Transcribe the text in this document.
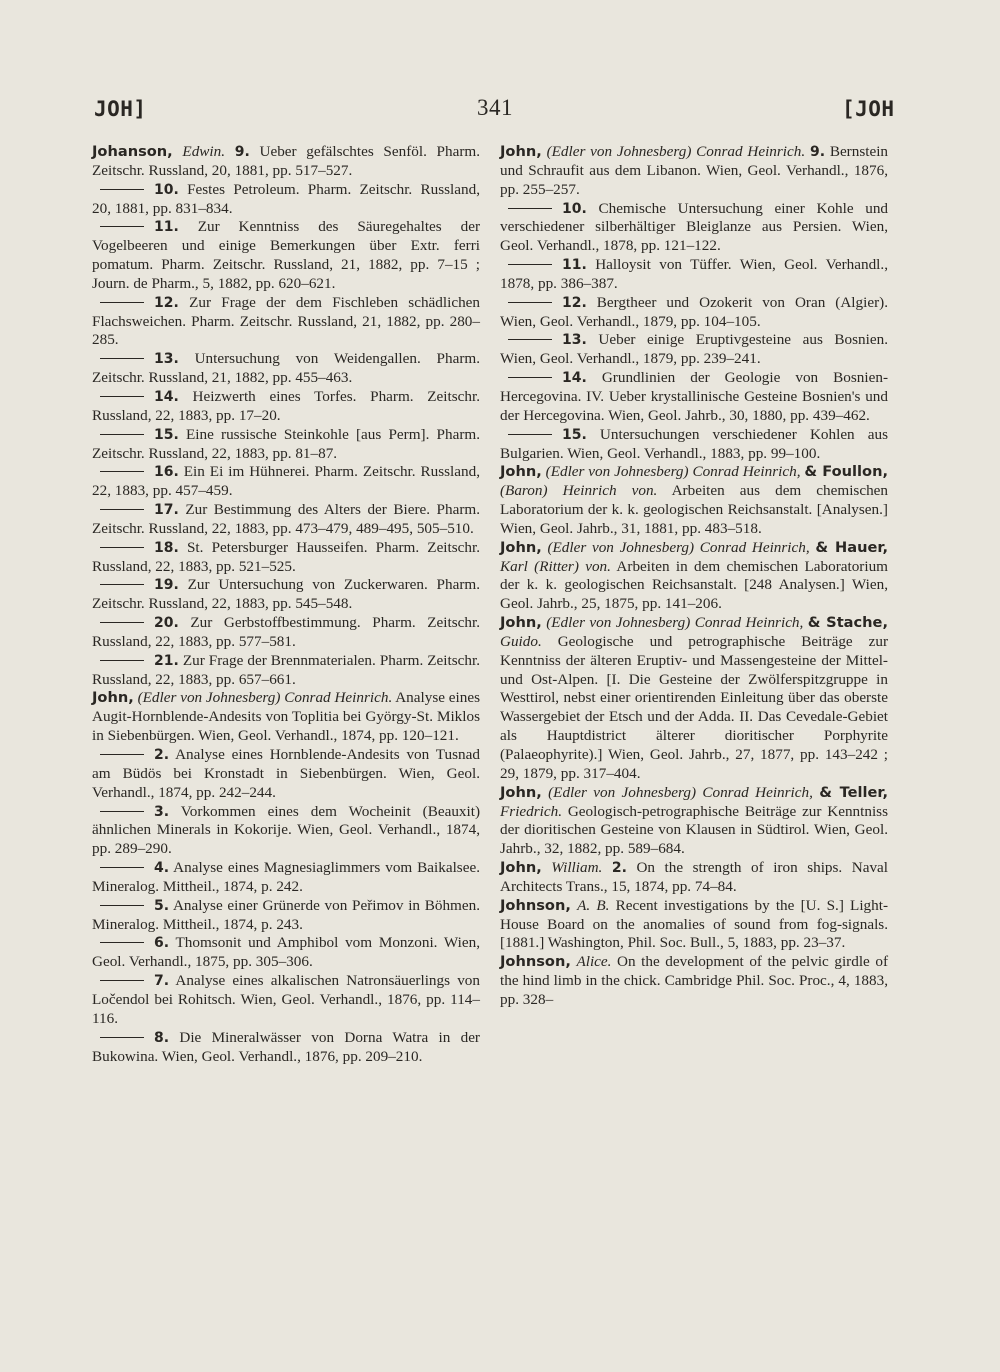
JOH]	341	[JOH

Johanson, Edwin. 9. Ueber gefälschtes Senföl. Pharm. Zeitschr. Russland, 20, 1881, pp. 517–527.

10. Festes Petroleum. Pharm. Zeitschr. Russland, 20, 1881, pp. 831–834.

11. Zur Kenntniss des Säuregehaltes der Vogelbeeren und einige Bemerkungen über Extr. ferri pomatum. Pharm. Zeitschr. Russland, 21, 1882, pp. 7–15 ; Journ. de Pharm., 5, 1882, pp. 620–621.

12. Zur Frage der dem Fischleben schädlichen Flachsweichen. Pharm. Zeitschr. Russland, 21, 1882, pp. 280–285.

13. Untersuchung von Weidengallen. Pharm. Zeitschr. Russland, 21, 1882, pp. 455–463.

14. Heizwerth eines Torfes. Pharm. Zeitschr. Russland, 22, 1883, pp. 17–20.

15. Eine russische Steinkohle [aus Perm]. Pharm. Zeitschr. Russland, 22, 1883, pp. 81–87.

16. Ein Ei im Hühnerei. Pharm. Zeitschr. Russland, 22, 1883, pp. 457–459.

17. Zur Bestimmung des Alters der Biere. Pharm. Zeitschr. Russland, 22, 1883, pp. 473–479, 489–495, 505–510.

18. St. Petersburger Hausseifen. Pharm. Zeitschr. Russland, 22, 1883, pp. 521–525.

19. Zur Untersuchung von Zuckerwaren. Pharm. Zeitschr. Russland, 22, 1883, pp. 545–548.

20. Zur Gerbstoffbestimmung. Pharm. Zeitschr. Russland, 22, 1883, pp. 577–581.

21. Zur Frage der Brennmaterialen. Pharm. Zeitschr. Russland, 22, 1883, pp. 657–661.

John, (Edler von Johnesberg) Conrad Heinrich. Analyse eines Augit-Hornblende-Andesits von Toplitia bei György-St. Miklos in Siebenbürgen. Wien, Geol. Verhandl., 1874, pp. 120–121.

2. Analyse eines Hornblende-Andesits von Tusnad am Büdös bei Kronstadt in Siebenbürgen. Wien, Geol. Verhandl., 1874, pp. 242–244.

3. Vorkommen eines dem Wocheinit (Beauxit) ähnlichen Minerals in Kokorije. Wien, Geol. Verhandl., 1874, pp. 289–290.

4. Analyse eines Magnesiaglimmers vom Baikalsee. Mineralog. Mittheil., 1874, p. 242.

5. Analyse einer Grünerde von Peřimov in Böhmen. Mineralog. Mittheil., 1874, p. 243.

6. Thomsonit und Amphibol vom Monzoni. Wien, Geol. Verhandl., 1875, pp. 305–306.

7. Analyse eines alkalischen Natronsäuerlings von Ločendol bei Rohitsch. Wien, Geol. Verhandl., 1876, pp. 114–116.

8. Die Mineralwässer von Dorna Watra in der Bukowina. Wien, Geol. Verhandl., 1876, pp. 209–210.

John, (Edler von Johnesberg) Conrad Heinrich. 9. Bernstein und Schraufit aus dem Libanon. Wien, Geol. Verhandl., 1876, pp. 255–257.

10. Chemische Untersuchung einer Kohle und verschiedener silberhältiger Bleiglanze aus Persien. Wien, Geol. Verhandl., 1878, pp. 121–122.

11. Halloysit von Tüffer. Wien, Geol. Verhandl., 1878, pp. 386–387.

12. Bergtheer und Ozokerit von Oran (Algier). Wien, Geol. Verhandl., 1879, pp. 104–105.

13. Ueber einige Eruptivgesteine aus Bosnien. Wien, Geol. Verhandl., 1879, pp. 239–241.

14. Grundlinien der Geologie von Bosnien-Hercegovina. IV. Ueber krystallinische Gesteine Bosnien's und der Hercegovina. Wien, Geol. Jahrb., 30, 1880, pp. 439–462.

15. Untersuchungen verschiedener Kohlen aus Bulgarien. Wien, Geol. Verhandl., 1883, pp. 99–100.

John, (Edler von Johnesberg) Conrad Heinrich, & Foullon, (Baron) Heinrich von. Arbeiten aus dem chemischen Laboratorium der k. k. geologischen Reichsanstalt. [Analysen.] Wien, Geol. Jahrb., 31, 1881, pp. 483–518.

John, (Edler von Johnesberg) Conrad Heinrich, & Hauer, Karl (Ritter) von. Arbeiten in dem chemischen Laboratorium der k. k. geologischen Reichsanstalt. [248 Analysen.] Wien, Geol. Jahrb., 25, 1875, pp. 141–206.

John, (Edler von Johnesberg) Conrad Heinrich, & Stache, Guido. Geologische und petrographische Beiträge zur Kenntniss der älteren Eruptiv- und Massengesteine der Mittel- und Ost-Alpen. [I. Die Gesteine der Zwölferspitzgruppe in Westtirol, nebst einer orientirenden Einleitung über das oberste Wassergebiet der Etsch und der Adda. II. Das Cevedale-Gebiet als Hauptdistrict älterer dioritischer Porphyrite (Palaeophyrite).] Wien, Geol. Jahrb., 27, 1877, pp. 143–242 ; 29, 1879, pp. 317–404.

John, (Edler von Johnesberg) Conrad Heinrich, & Teller, Friedrich. Geologisch-petrographische Beiträge zur Kenntniss der dioritischen Gesteine von Klausen in Südtirol. Wien, Geol. Jahrb., 32, 1882, pp. 589–684.

John, William. 2. On the strength of iron ships. Naval Architects Trans., 15, 1874, pp. 74–84.

Johnson, A. B. Recent investigations by the [U. S.] Light-House Board on the anomalies of sound from fog-signals. [1881.] Washington, Phil. Soc. Bull., 5, 1883, pp. 23–37.

Johnson, Alice. On the development of the pelvic girdle of the hind limb in the chick. Cambridge Phil. Soc. Proc., 4, 1883, pp. 328–
